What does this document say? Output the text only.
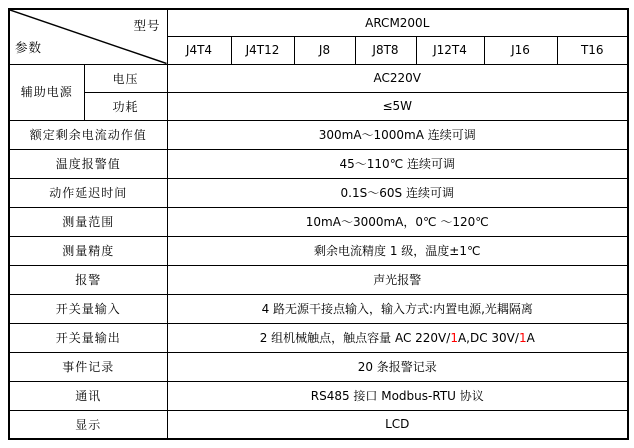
型号
参数		ARCM200L						
		J4T4	J4T12	J8	J8T8	J12T4	J16	T16

辅助电源	电压	AC220V						
	功耗	≤5W						
额定剩余电流动作值		300mA～1000mA 连续可调						
温度报警值		45～110℃ 连续可调						
动作延迟时间		0.1S～60S 连续可调						
测量范围		10mA～3000mA，0℃ ～120℃						
测量精度		剩余电流精度 1 级，温度±1℃						
报警		声光报警						
开关量输入		4 路无源干接点输入，输入方式:内置电源,光耦隔离						
开关量输出		2 组机械触点，触点容量 AC 220V/1A,DC 30V/1A						
事件记录		20 条报警记录						
通讯		RS485 接口 Modbus-RTU 协议						
显示		LCD						
